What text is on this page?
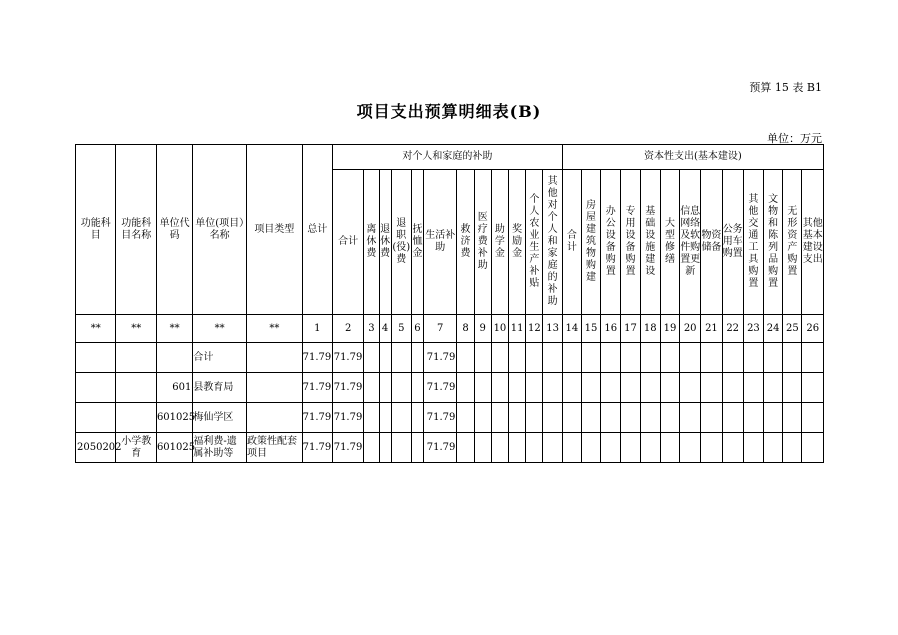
预算 15 表 B1
项目支出预算明细表(B)
单位：万元
功能科目	功能科目名称	单位代码	单位(项目）名称	项目类型	总计	对个人和家庭的补助												资本性支出(基本建设)												
						合计	离休费	退休费	退职(役)费	抚恤金	生活补助	救济费	医疗费补助	助学金	奖励金	个人农业生产补贴	其他对个人和家庭的补助	合计	房屋建筑物购建	办公设备购置	专用设备购置	基础设施建设	大型修缮	信息网络及软件购置更新	物资储备	公务用车购置	其他交通工具购置	文物和陈列品购置	无形资产购置	其他基本建设支出
**	**	**	**	**	1	2	3	4	5	6	7	8	9	10	11	12	13	14	15	16	17	18	19	20	21	22	23	24	25	26
			合计		71.79	71.79					71.79																			
		601	县教育局		71.79	71.79					71.79																			
		601025	梅仙学区		71.79	71.79					71.79																			
2050202	小学教育	601025	福利费-遗属补助等	政策性配套项目	71.79	71.79					71.79																			
